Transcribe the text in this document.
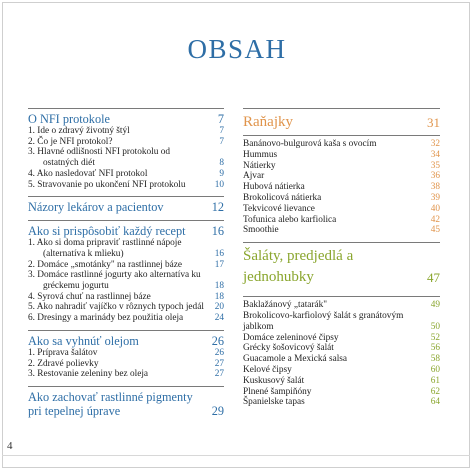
OBSAH
O NFI protokole	7
1. Ide o zdravý životný štýl	7
2. Čo je NFI protokol?	7
3. Hlavné odlišnosti NFI protokolu od ostatných diét	8
4. Ako nasledovať NFI protokol	9
5. Stravovanie po ukončení NFI protokolu	10
Názory lekárov a pacientov	12
Ako si prispôsobiť každý recept	16
1. Ako si doma pripraviť rastlinné nápoje (alternatíva k mlieku)	16
2. Domáce „smotánky" na rastlinnej báze	17
3. Domáce rastlinné jogurty ako alternatíva ku gréckemu jogurtu	18
4. Syrová chuť na rastlinnej báze	18
5. Ako nahradiť vajíčko v rôznych typoch jedál	20
6. Dresingy a marinády bez použitia oleja	24
Ako sa vyhnúť olejom	26
1. Príprava šalátov	26
2. Zdravé polievky	27
3. Restovanie zeleniny bez oleja	27
Ako zachovať rastlinné pigmenty pri tepelnej úprave	29
Raňajky	31
Banánovo-bulgurová kaša s ovocím	32
Hummus	34
Nátierky	35
Ajvar	36
Hubová nátierka	38
Brokolicová nátierka	39
Tekvicové lievance	40
Tofunica alebo karfiolica	42
Smoothie	45
Šaláty, predjedlá a jednohubky	47
Baklažánový „tatarák"	49
Brokolicovo-karfiolový šalát s granátovým jablkom	50
Domáce zeleninové čipsy	52
Grécky šošovicový šalát	56
Guacamole a Mexická salsa	58
Kelové čipsy	60
Kuskusový šalát	61
Plnené šampiňóny	62
Španielske tapas	64
4
